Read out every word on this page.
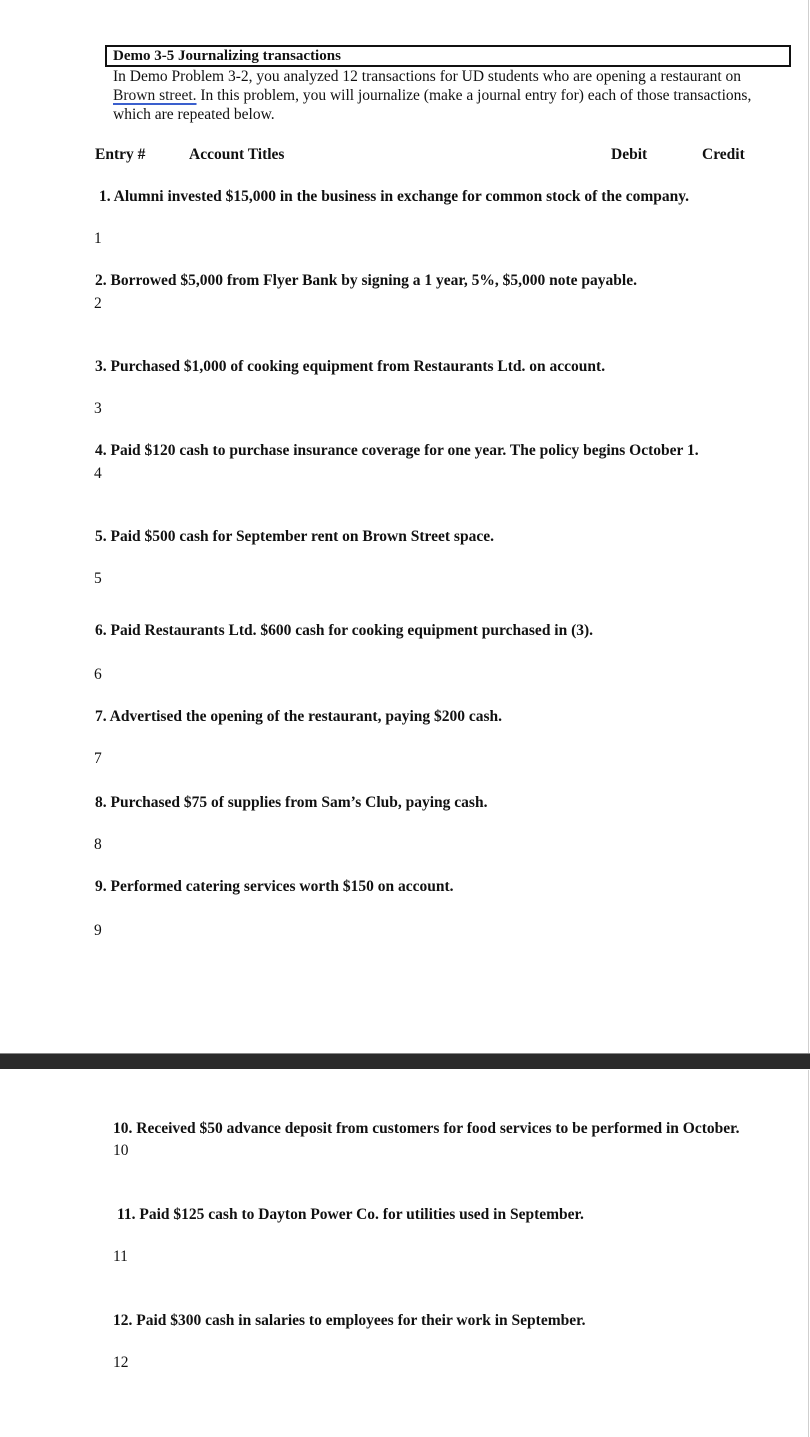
Demo 3-5 Journalizing transactions
In Demo Problem 3-2, you analyzed 12 transactions for UD students who are opening a restaurant on
Brown street. In this problem, you will journalize (make a journal entry for) each of those transactions,
which are repeated below.
Entry #	Account Titles	Debit	Credit
1. Alumni invested $15,000 in the business in exchange for common stock of the company.
1
2. Borrowed $5,000 from Flyer Bank by signing a 1 year, 5%, $5,000 note payable.
2
3. Purchased $1,000 of cooking equipment from Restaurants Ltd. on account.
3
4. Paid $120 cash to purchase insurance coverage for one year. The policy begins October 1.
4
5. Paid $500 cash for September rent on Brown Street space.
5
6. Paid Restaurants Ltd. $600 cash for cooking equipment purchased in (3).
6
7. Advertised the opening of the restaurant, paying $200 cash.
7
8. Purchased $75 of supplies from Sam’s Club, paying cash.
8
9. Performed catering services worth $150 on account.
9
10. Received $50 advance deposit from customers for food services to be performed in October.
10
11. Paid $125 cash to Dayton Power Co. for utilities used in September.
11
12. Paid $300 cash in salaries to employees for their work in September.
12
